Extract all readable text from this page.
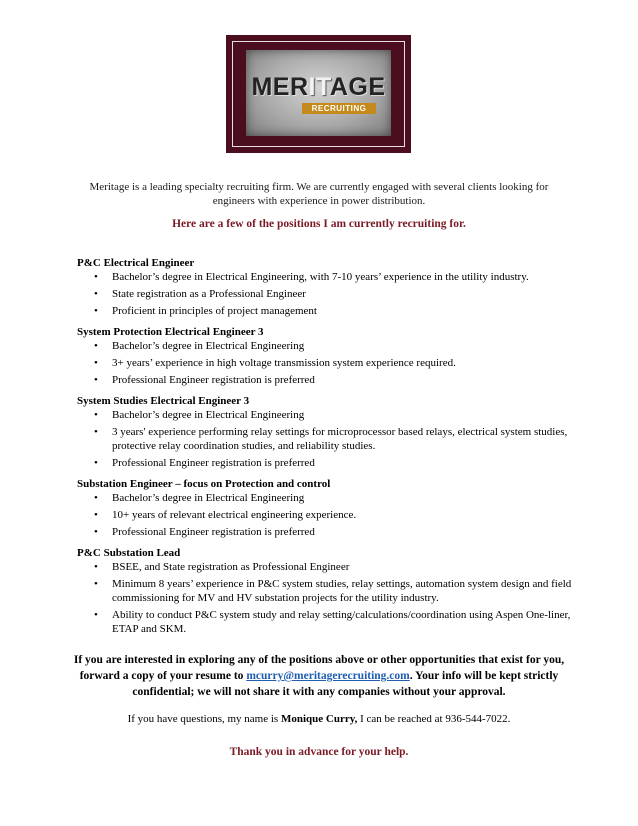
MERITAGE
RECRUITING
Meritage is a leading specialty recruiting firm. We are currently engaged with several clients looking for engineers with experience in power distribution.
Here are a few of the positions I am currently recruiting for.
P&C Electrical Engineer
• Bachelor’s degree in Electrical Engineering, with 7-10 years’ experience in the utility industry.
• State registration as a Professional Engineer
• Proficient in principles of project management
System Protection Electrical Engineer 3
• Bachelor’s degree in Electrical Engineering
• 3+ years’ experience in high voltage transmission system experience required.
• Professional Engineer registration is preferred
System Studies Electrical Engineer 3
• Bachelor’s degree in Electrical Engineering
• 3 years' experience performing relay settings for microprocessor based relays, electrical system studies, protective relay coordination studies, and reliability studies.
• Professional Engineer registration is preferred
Substation Engineer – focus on Protection and control
• Bachelor’s degree in Electrical Engineering
• 10+ years of relevant electrical engineering experience.
• Professional Engineer registration is preferred
P&C Substation Lead
• BSEE, and State registration as Professional Engineer
• Minimum 8 years’ experience in P&C system studies, relay settings, automation system design and field commissioning for MV and HV substation projects for the utility industry.
• Ability to conduct P&C system study and relay setting/calculations/coordination using Aspen One-liner, ETAP and SKM.
If you are interested in exploring any of the positions above or other opportunities that exist for you, forward a copy of your resume to mcurry@meritagerecruiting.com. Your info will be kept strictly confidential; we will not share it with any companies without your approval.
If you have questions, my name is Monique Curry, I can be reached at 936-544-7022.
Thank you in advance for your help.
